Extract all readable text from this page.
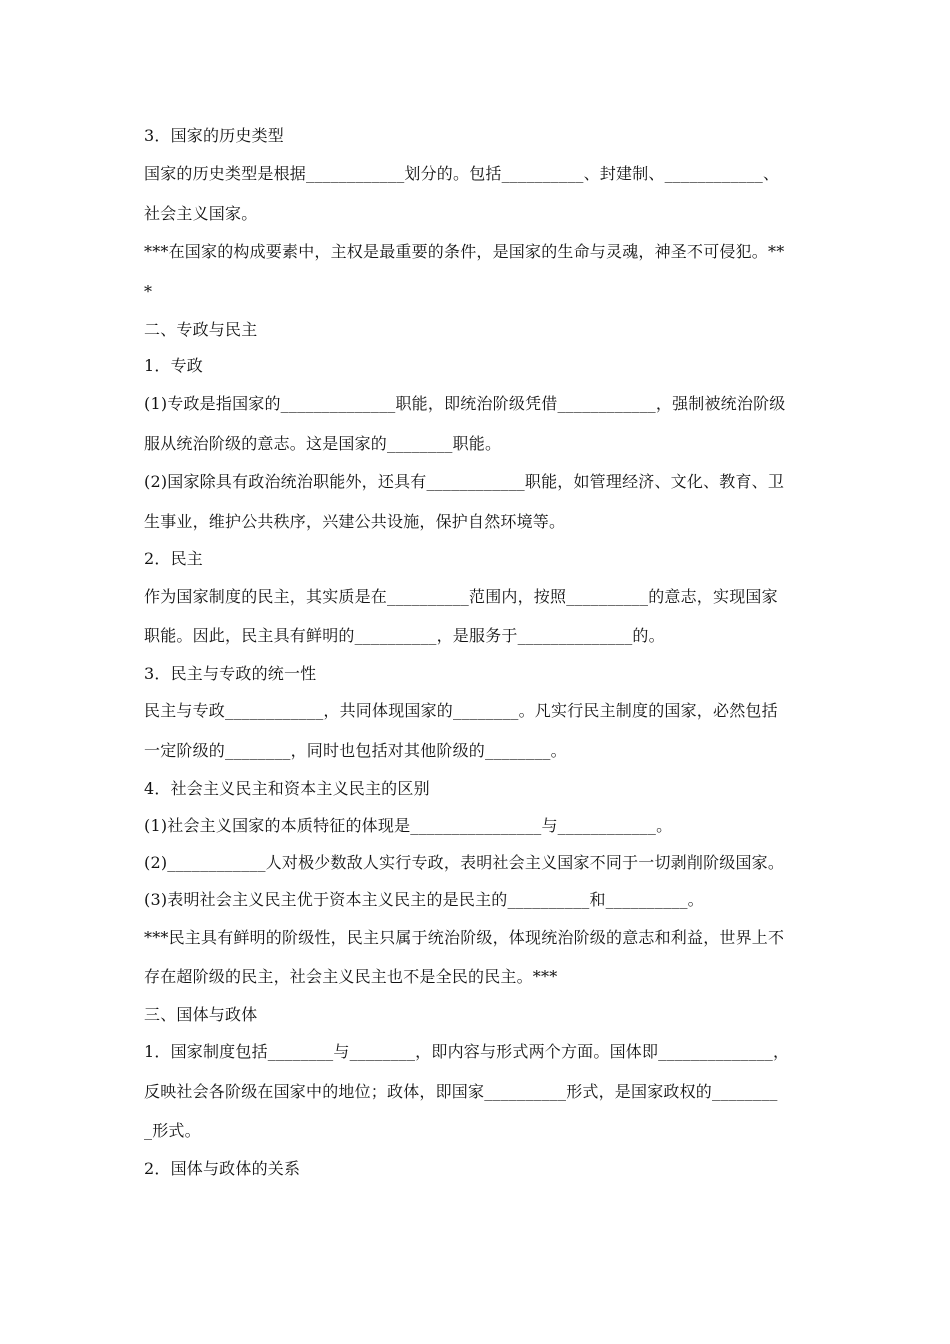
3．国家的历史类型
国家的历史类型是根据____________划分的。包括__________、封建制、____________、
社会主义国家。
***在国家的构成要素中，主权是最重要的条件，是国家的生命与灵魂，神圣不可侵犯。**
*
二、专政与民主
1．专政
(1)专政是指国家的______________职能，即统治阶级凭借____________，强制被统治阶级
服从统治阶级的意志。这是国家的________职能。
(2)国家除具有政治统治职能外，还具有____________职能，如管理经济、文化、教育、卫
生事业，维护公共秩序，兴建公共设施，保护自然环境等。
2．民主
作为国家制度的民主，其实质是在__________范围内，按照__________的意志，实现国家
职能。因此，民主具有鲜明的__________，是服务于______________的。
3．民主与专政的统一性
民主与专政____________，共同体现国家的________。凡实行民主制度的国家，必然包括
一定阶级的________，同时也包括对其他阶级的________。
4．社会主义民主和资本主义民主的区别
(1)社会主义国家的本质特征的体现是________________与____________。
(2)____________人对极少数敌人实行专政，表明社会主义国家不同于一切剥削阶级国家。
(3)表明社会主义民主优于资本主义民主的是民主的__________和__________。
***民主具有鲜明的阶级性，民主只属于统治阶级，体现统治阶级的意志和利益，世界上不
存在超阶级的民主，社会主义民主也不是全民的民主。***
三、国体与政体
1．国家制度包括________与________，即内容与形式两个方面。国体即______________，
反映社会各阶级在国家中的地位；政体，即国家__________形式，是国家政权的________
_形式。
2．国体与政体的关系
